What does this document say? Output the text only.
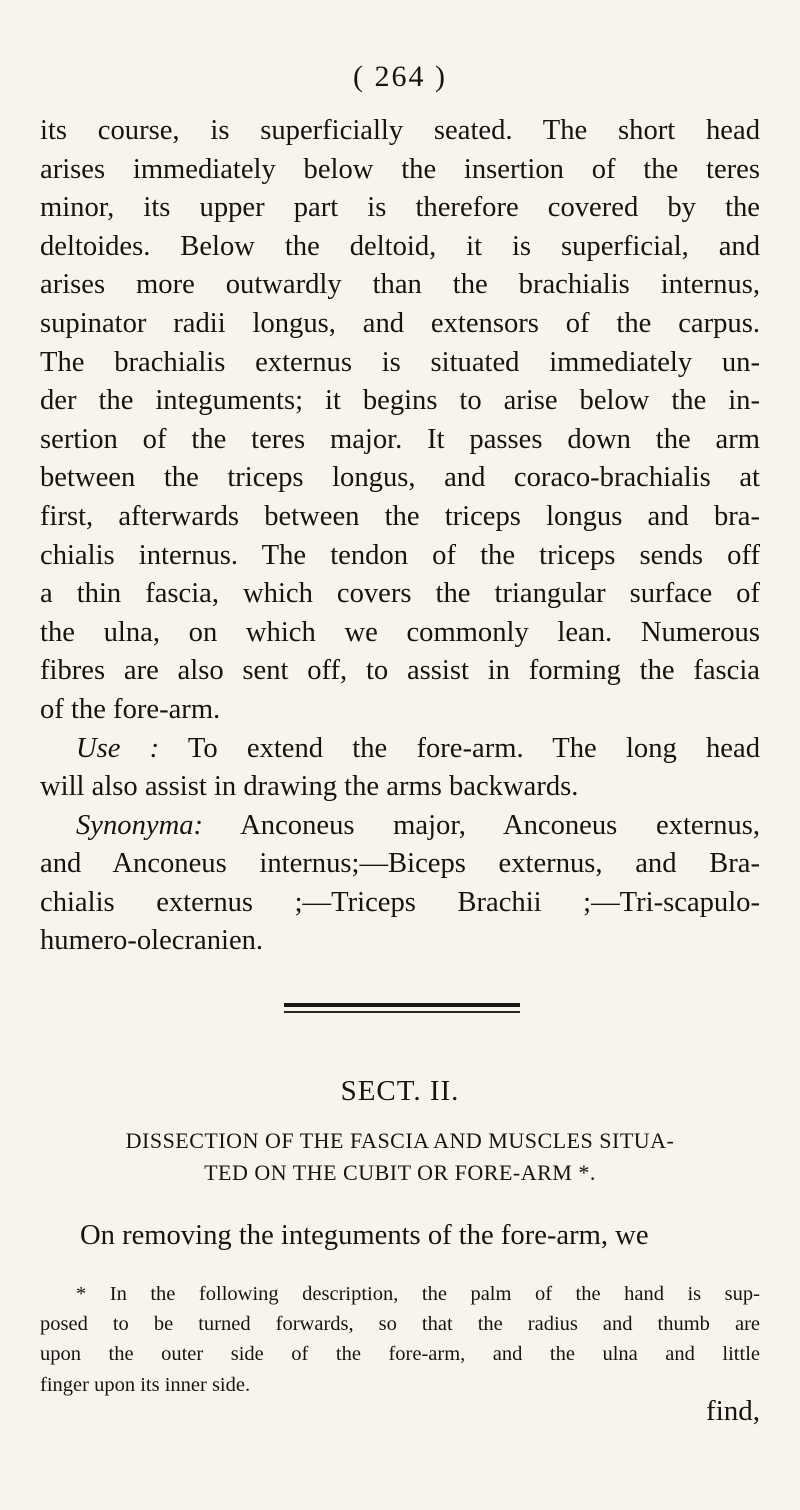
( 264 )

its course, is superficially seated. The short head
arises immediately below the insertion of the teres
minor, its upper part is therefore covered by the
deltoides. Below the deltoid, it is superficial, and
arises more outwardly than the brachialis internus,
supinator radii longus, and extensors of the carpus.
The brachialis externus is situated immediately un-
der the integuments; it begins to arise below the in-
sertion of the teres major. It passes down the arm
between the triceps longus, and coraco-brachialis at
first, afterwards between the triceps longus and bra-
chialis internus. The tendon of the triceps sends off
a thin fascia, which covers the triangular surface of
the ulna, on which we commonly lean. Numerous
fibres are also sent off, to assist in forming the fascia
of the fore-arm.

Use : To extend the fore-arm. The long head
will also assist in drawing the arms backwards.

Synonyma: Anconeus major, Anconeus externus,
and Anconeus internus;—Biceps externus, and Bra-
chialis externus ;—Triceps Brachii ;—Tri-scapulo-
humero-olecranien.

SECT. II.
DISSECTION OF THE FASCIA AND MUSCLES SITUA-
TED ON THE CUBIT OR FORE-ARM *.
On removing the integuments of the fore-arm, we
* In the following description, the palm of the hand is sup-
posed to be turned forwards, so that the radius and thumb are
upon the outer side of the fore-arm, and the ulna and little
finger upon its inner side.
find,
